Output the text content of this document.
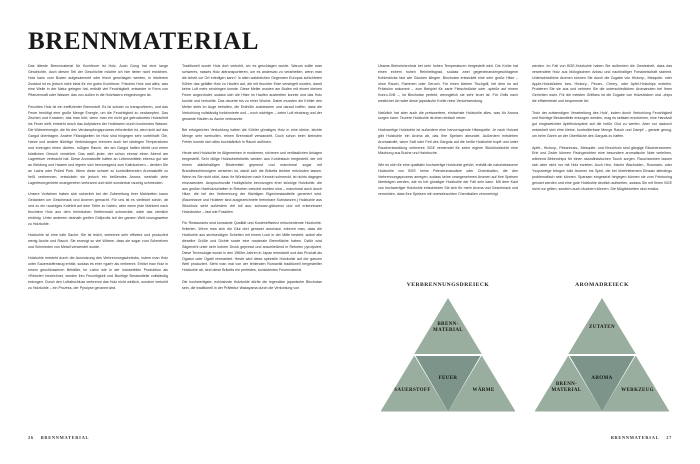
BRENNMATERIAL

Das älteste Brennmaterial für Kochfeuer ist Holz. Auch Dung hat eine lange Geschichte, doch diesen Teil der Geschichte möchte ich hier lieber nicht erwähren. Holz kann vom Boden aufgesammelt oder frisch geschlagen werden, in letzterem Zustand ist es jedoch nicht ideal für ein gutes Kochfeuer. Frisches Holz und alles, was eine Weile in der Natur gelegen hat, enthält viel Feuchtigkeit, entweder in Form von Pflanzensaft oder Wasser, das von außen in die Holzfasern eingedrungen ist.

Feuchtes Holz ist ein ineffizienter Brennstoff. Es ist schwer zu transportieren, und das Feuer benötigt eine große Menge Energie, um die Feuchtigkeit zu verdampfen. Das Zischen und Knacken, das man hört, wenn man ein nicht gut getrocknetes Holzscheit ins Feuer wirft, entsteht durch das Aufplatzen der Holzfasern durch kochendes Wasser. Die Wärmeenergie, die für den Verdampfungsprozess erforderlich ist, wird nicht auf das Gargut übertragen. Andere Flüssigkeiten im Holz sind hingegen sehr vorteilhaft: Öle, Harze und andere flüchtige Verbindungen brennen auch bei niedrigen Temperaturen und erzeugen einen dichten, rußigen Rauch, der am Gargut haften bleibt und einen köstlichen Geruch verströmt. Das weiß jeder, der schon einmal einen Abend am Lagerfeuer verbracht hat. Diese Aromastoffe haften an Lebensmitteln ebenso gut wie an Kleidung und Haaren und eignen sich hervorragend zum Kalträuchern – denken Sie an Lachs oder Pulled Pork. Wenn diese schwer zu kontrollierenden Aromastoffe zu heiß verbrennen, entwickeln sie jedoch ein beißendes Aroma, weshalb viele Lagerfeuergerichte unangenehm verbrannt und nicht wunderbar rauchig schmecken.

Unsere Vorfahren haben sich sicherlich bei der Zubereitung ihrer Mahlzeiten kaum Gedanken um Geschmack und Aromen gemacht. Für uns ist es vielleicht schön, ab und zu ein rauchiges Kotelett auf dem Teller zu haben, aber wenn jede Mahlzeit nach feuchtem Holz aus dem heimischen Kiefernwald schmeckte, wäre das ziemlich eintönig. Unter anderem deshalb greifen Grillprofis auf der ganzen Welt vorzugsweise zu Holzkohle.

Holzkohle ist eine tolle Sache. Sie ist leicht, verbrennt sehr effizient und produziert wenig Asche und Rauch. Sie erzeugt so viel Wärme, dass sie sogar zum Schmelzen und Schmieden von Metall verwendet wurde.

Holzkohle entsteht durch die Ausnutzung des Verbrennungsdreiecks, indem man Holz unter Sauerstoffentzug erhitzt, sodass es eher »gart« als verbrennt. Erhitzt man Holz in einem geschlossenen Behälter, im Labor wie in der industriellen Produktion als »Retorte« bezeichnet, werden ihm Feuchtigkeit und flüchtige Bestandteile vollständig entzogen. Durch den Luftabschluss verbrennt das Holz nicht wirklich, sondern verkohlt zu Holzkohle – ein Prozess, der Pyrolyse genannt wird.

Traditionell wurde Holz dort verkohlt, wo es geschlagen wurde. Warum sollte man schweres, nasses Holz abtransportieren, um es anderswo zu verarbeiten, wenn man die Arbeit vor Ort erledigen kann? In allen waldreichen Gegenden Europas schichteten Köhler das gefällte Holz zu Haufen auf, die mit feuchter Erde versiegelt wurden, damit keine Luft mehr eindringen konnte. Diese Meiler wurden am Boden mit einem kleinen Feuer angezündet, sodass sich die Hitze im Haufen ausbreiten konnte und das Holz kochte und verkohlte. Das dauerte bis zu einer Woche. Dabei mussten die Köhler den Meiler stets im Auge behalten, die Erdhülle ausbessern und darauf hoffen, dass die Verkohlung vollständig funktionierte und – noch wichtiger – keine Luft eindrang und der gesamte Haufen zu Asche verbrannte.

Bei erfolgreicher Verkohlung hatten die Köhler günstiges Holz in eine kleine, leichte Menge sehr wertvollen, reinen Brennstoff verwandelt. Doch schon beim kleinsten Fehler konnte sich alles buchstäblich in Rauch auflösen.

Heute wird Holzkohle im Allgemeinen in modernen, sicheren und verlässlichen Anlagen hergestellt. Sehr billige Holzkohlebriketts werden aus Kohlestaub hergestellt, der mit einem stärkehaltigen Bindemittel gepresst und manchmal sogar mit Brandbeschleunigern versehen ist, damit sich die Briketts leichter entzünden lassen. Wenn es Sie nicht stört, dass Ihr Würstchen nach Kerosin schmeckt, ist nichts dagegen einzuwenden. Anspruchsvolle Hobbyköche bevorzugen eher stückige Holzkohle, die aus großen Hartholzscheiten in Retorten verkohlt worden sind – manchmal auch durch Hitze, die bei der Verbrennung der flüchtigen Eigenbestandteile generiert wird. (Baumharze und Holzteer sind ausgezeichnete brennbare Substanzen.) Holzkohle aus Stückholz sieht außerdem viel toll aus: schwarz-glänzend und mit erkennbarer Holzstruktur – fast wie Fossilien.

Für Restaurants sind konstante Qualität und Kosteneffizienz entscheidende Holzkohle-Kriterien. Wenn man sich die Glut dort genauer anschaut, erkennt man, dass die Holzkohle aus sechseckigen Scheiten mit einem Loch in der Mitte besteht, wobei alle dieselbe Größe und Dichte sowie eine maximale Brennfläche haben. Dafür wird Sägemehl unter sehr hohem Druck gepresst und anschließend in Retorten pyrolysiert. Diese Technologie wurde in den 1960er-Jahren in Japan entwickelt und das Produkt als Ogaton oder Ogatil vermarktet. Heute wird diese spezielle Holzkohle auf der ganzen Welt produziert. Sieht man mal von der fehlenden Romantik traditionell hergestellter Holzkohle ab, sind diese Briketts ein perfektes, konsistentes Feuermaterial.

Die hochwertigste, exklusivste Holzkohle dürfte die legendäre japanische Binchotan sein, die traditionell in der Präfektur Wakayama durch die Verkohlung von

26 BRENNMATERIAL

Ubame-Steineichenholz bei sehr hohen Temperaturen hergestellt wird. Die Kohle hat einen extrem hohen Reinheitsgrad, sodass zwei gegeneinandergeschlagene Kohlestücke fast wie Glocken klingen. Binchotan entwickelt eine sehr große Hitze – ohne Rauch, Flammen oder Geruch. Für einen kleinen Tischgrill, bei dem es auf Präzision ankommt – zum Beispiel für zarte Fleischstücke oder -spieße auf einem Konro-Grill –, ist Binchotan perfekt, wenngleich sie sehr teuer ist. Für Grills nach westlicher Art wäre diese japanische Kohle reine Verschwendung.

Natürlich hat aber auch die preiswertere, einfachste Holzkohle alles, was für Aroma sorgen kann. Teurere Holzkohle ist eben einfach reiner.

Hochwertige Holzkohle ist außerdem eine hervorragende Hitzequelle. Je nach Holzart gibt Holzkohle ein Aroma ab, das Ihre Speisen abrundet. Außerdem entstehen Aromastoffe, wenn Saft oder Fett des Garguts auf die heiße Holzkohle tropft und unter Rauchentwicklung verbrennt. BGE verwendet für seine eigene Stückholzkohle eine Mischung aus Buche und Hainbuche.

Wie es sich für eine qualitativ hochwertige Holzkohle gehört, enthält die naturbelassene Holzkohle von BGE keine Petroleumzusätze oder Chemikalien, die den Verbrennungsprozess anregen, sodass keine unangenehmen Aromen auf Ihre Speisen übertragen werden, wie es bei günstiger Holzkohle der Fall sein kann. Mit dem Kauf von hochwertiger Holzkohle entscheiden Sie sich für mehr Aroma und Geschmack und vermeiden, dass Ihre Speisen mit unerwünschten Chemikalien verunreinigt

werden. Im Fall von BGE-Holzkohle haben Sie außerdem die Gewissheit, dass das verwendete Holz aus biologischem Anbau und nachhaltiger Forstwirtschaft stammt. Unterschiedliche Aromen können Sie durch die Zugabe von Hickory-, Mesquite- oder Apple-Holzstücken bzw. Hickory-, Pecan-, Cherry- oder Apfel-Holzchips erzielen. Probieren Sie sie aus und nehmen Sie die unterschiedlichen Aromanoten bei Ihren Gerichten wahr. Für die meisten Grillfans ist die Zugabe von Holzstücken und -chips die effizienteste und bequemste Art.

Trotz der aufwendigen Verarbeitung des Holz', indem durch Verkohlung Feuchtigkeit und flüchtige Bestandteile entzogen werden, mag es seltsam erscheinen, eine Handvoll gut eingeweichter Apfelholzspäne auf die heiße Glut zu werfen. Aber nur dadurch entwickelt sich eine kleine, kontrollierbare Menge Rauch und Dampf – gerade genug, um beim Garen an der Oberfläche des Garguts zu haften.

Apfel-, Hickory-, Pekannuss-, Mesquite- und Kirschholz sind gängige Räucheraromen. Erle und Zeder können Fischgerichten eine besondere aromatische Note verleihen, während Birkenchips für einen skandinavischen Touch sorgen. Raucharomen lassen sich aber nicht nur mit Holz erzielen. Auch Heu, frische Wacholder-, Rosmarin- oder Ysopzweige bringen tolle Aromen ins Spiel, die bei übertriebenem Einsatz allerdings problematisch sein können. Sparsam eingesetzt hingegen können sie zum Feintuning genutzt werden und eine gute Holzkohle deutlich aufwerten, sodass Sie mit Ihrem BGE nicht nur grillen, sondern auch räuchern können. Die Möglichkeiten sind endlos.

BRENNMATERIAL 27
VERBRENNUNGSDREIECK
BRENN-
MATERIAL
SAUERSTOFF	WÄRME
FEUER
AROMADREIECK
ZUTATEN
BRENN-
MATERIAL	WERKZEUG
AROMA
